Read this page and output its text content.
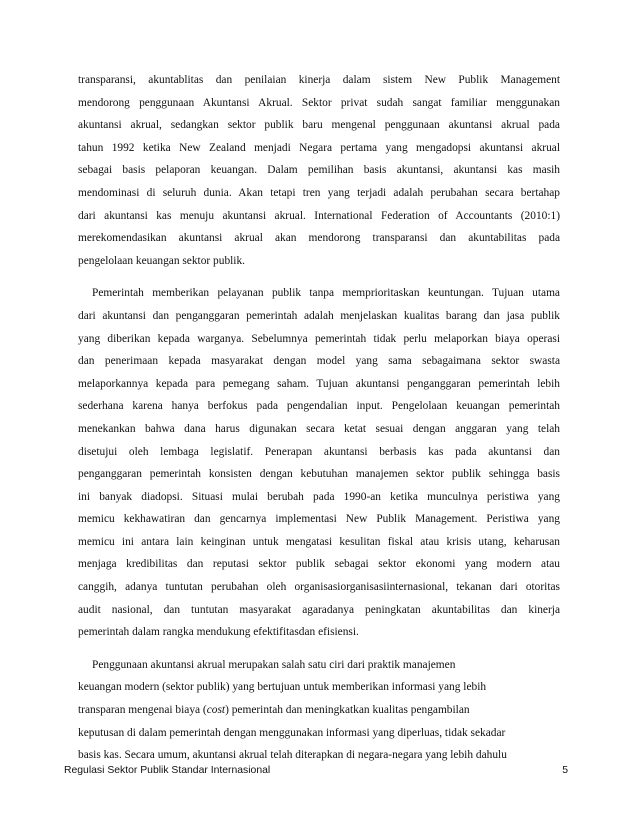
transparansi, akuntablitas dan penilaian kinerja dalam sistem New Publik Management
mendorong penggunaan Akuntansi Akrual. Sektor privat sudah sangat familiar menggunakan
akuntansi akrual, sedangkan sektor publik baru mengenal penggunaan akuntansi akrual pada
tahun 1992 ketika New Zealand menjadi Negara pertama yang mengadopsi akuntansi akrual
sebagai basis pelaporan keuangan. Dalam pemilihan basis akuntansi, akuntansi kas masih
mendominasi di seluruh dunia. Akan tetapi tren yang terjadi adalah perubahan secara bertahap
dari akuntansi kas menuju akuntansi akrual. International Federation of Accountants (2010:1)
merekomendasikan akuntansi akrual akan mendorong transparansi dan akuntabilitas pada
pengelolaan keuangan sektor publik.
Pemerintah memberikan pelayanan publik tanpa memprioritaskan keuntungan. Tujuan utama
dari akuntansi dan penganggaran pemerintah adalah menjelaskan kualitas barang dan jasa publik
yang diberikan kepada warganya. Sebelumnya pemerintah tidak perlu melaporkan biaya operasi
dan penerimaan kepada masyarakat dengan model yang sama sebagaimana sektor swasta
melaporkannya kepada para pemegang saham. Tujuan akuntansi penganggaran pemerintah lebih
sederhana karena hanya berfokus pada pengendalian input. Pengelolaan keuangan pemerintah
menekankan bahwa dana harus digunakan secara ketat sesuai dengan anggaran yang telah
disetujui oleh lembaga legislatif. Penerapan akuntansi berbasis kas pada akuntansi dan
penganggaran pemerintah konsisten dengan kebutuhan manajemen sektor publik sehingga basis
ini banyak diadopsi. Situasi mulai berubah pada 1990-an ketika munculnya peristiwa yang
memicu kekhawatiran dan gencarnya implementasi New Publik Management. Peristiwa yang
memicu ini antara lain keinginan untuk mengatasi kesulitan fiskal atau krisis utang, keharusan
menjaga kredibilitas dan reputasi sektor publik sebagai sektor ekonomi yang modern atau
canggih, adanya tuntutan perubahan oleh organisasiorganisasiinternasional, tekanan dari otoritas
audit nasional, dan tuntutan masyarakat agaradanya peningkatan akuntabilitas dan kinerja
pemerintah dalam rangka mendukung efektifitasdan efisiensi.
Penggunaan akuntansi akrual merupakan salah satu ciri dari praktik manajemen
keuangan modern (sektor publik) yang bertujuan untuk memberikan informasi yang lebih
transparan mengenai biaya (cost) pemerintah dan meningkatkan kualitas pengambilan
keputusan di dalam pemerintah dengan menggunakan informasi yang diperluas, tidak sekadar
basis kas. Secara umum, akuntansi akrual telah diterapkan di negara-negara yang lebih dahulu
Regulasi Sektor Publik Standar Internasional	5
